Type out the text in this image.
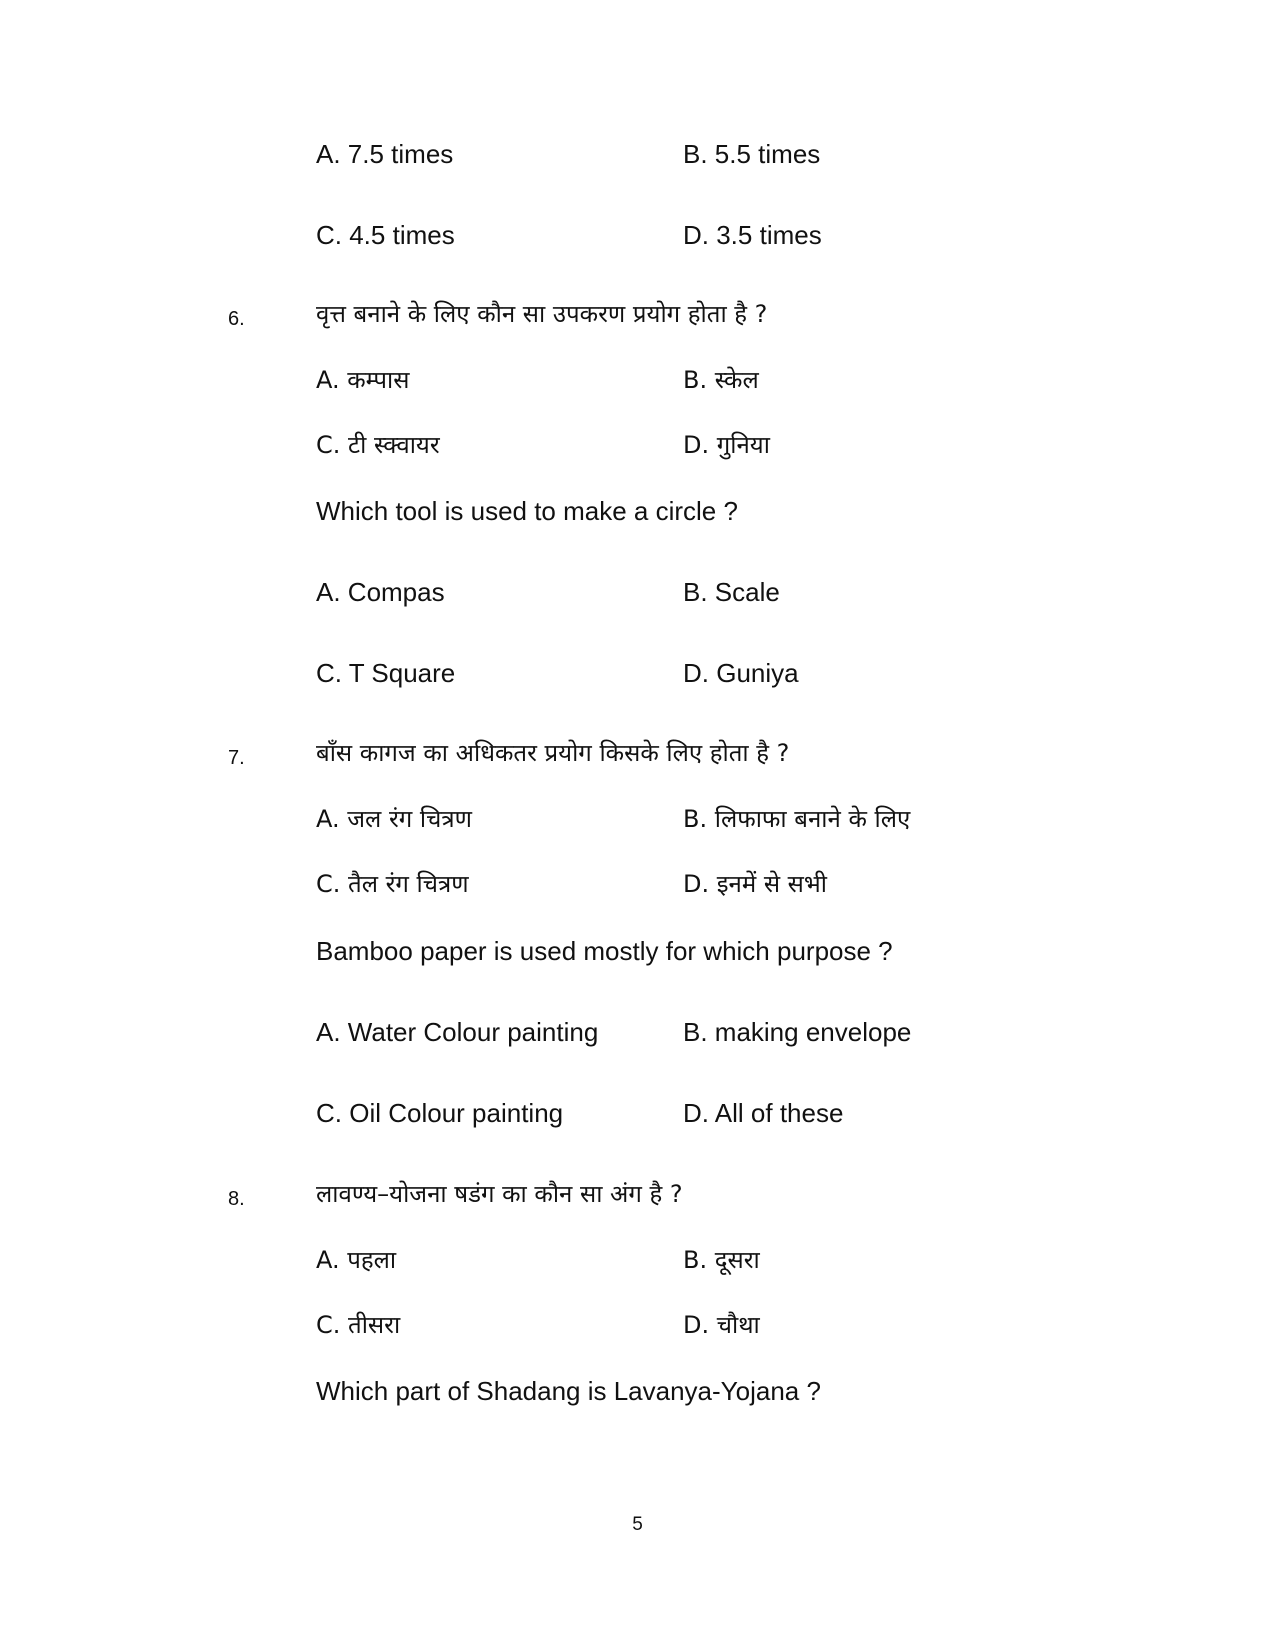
A. 7.5 times	B. 5.5 times
C. 4.5 times	D. 3.5 times
6.	वृत्त बनाने के लिए कौन सा उपकरण प्रयोग होता है ?
A. कम्पास	B. स्केल
C. टी स्क्वायर	D. गुनिया
Which tool is used to make a circle ?
A. Compas	B. Scale
C. T Square	D. Guniya
7.	बाँस कागज का अधिकतर प्रयोग किसके लिए होता है ?
A. जल रंग चित्रण	B. लिफाफा बनाने के लिए
C. तैल रंग चित्रण	D. इनमें से सभी
Bamboo paper is used mostly for which purpose ?
A. Water Colour painting	B. making envelope
C. Oil Colour painting	D. All of these
8.	लावण्य–योजना षडंग का कौन सा अंग है ?
A. पहला	B. दूसरा
C. तीसरा	D. चौथा
Which part of Shadang is Lavanya-Yojana ?
5
